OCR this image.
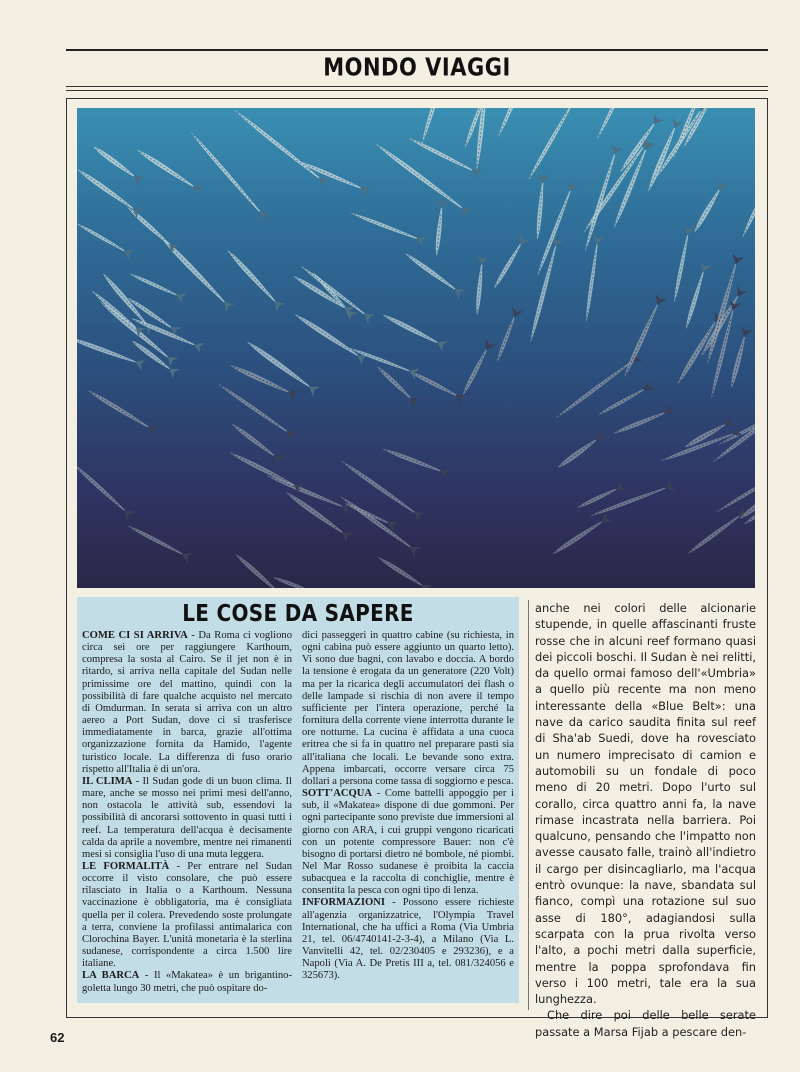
MONDO VIAGGI
LE COSE DA SAPERE

COME CI SI ARRIVA - Da Roma ci vogliono circa sei ore per raggiungere Karthoum, compresa la sosta al Cairo. Se il jet non è in ritardo, si arriva nella capitale del Sudan nelle primissime ore del mattino, quindi con la possibilità di fare qualche acquisto nel mercato di Omdurman. In serata si arriva con un altro aereo a Port Sudan, dove ci si trasferisce immediatamente in barca, grazie all'ottima organizzazione fornita da Hamido, l'agente turistico locale. La differenza di fuso orario rispetto all'Italia è di un'ora.

IL CLIMA - Il Sudan gode di un buon clima. Il mare, anche se mosso nei primi mesi dell'anno, non ostacola le attività sub, essendovi la possibilità di ancorarsi sottovento in quasi tutti i reef. La temperatura dell'acqua è decisamente calda da aprile a novembre, mentre nei rimanenti mesi si consiglia l'uso di una muta leggera.

LE FORMALITÀ - Per entrare nel Sudan occorre il visto consolare, che può essere rilasciato in Italia o a Karthoum. Nessuna vaccinazione è obbligatoria, ma è consigliata quella per il colera. Prevedendo soste prolungate a terra, conviene la profilassi antimalarica con Clorochina Bayer. L'unità monetaria è la sterlina sudanese, corrispondente a circa 1.500 lire italiane.

LA BARCA - Il «Makatea» è un brigantino-goletta lungo 30 metri, che può ospitare do-

dici passeggeri in quattro cabine (su richiesta, in ogni cabina può essere aggiunto un quarto letto). Vi sono due bagni, con lavabo e doccia. A bordo la tensione è erogata da un generatore (220 Volt) ma per la ricarica degli accumulatori dei flash o delle lampade si rischia di non avere il tempo sufficiente per l'intera operazione, perché la fornitura della corrente viene interrotta durante le ore notturne. La cucina è affidata a una cuoca eritrea che si fa in quattro nel preparare pasti sia all'italiana che locali. Le bevande sono extra. Appena imbarcati, occorre versare circa 75 dollari a persona come tassa di soggiorno e pesca.

SOTT'ACQUA - Come battelli appoggio per i sub, il «Makatea» dispone di due gommoni. Per ogni partecipante sono previste due immersioni al giorno con ARA, i cui gruppi vengono ricaricati con un potente compressore Bauer: non c'è bisogno di portarsi dietro né bombole, né piombi. Nel Mar Rosso sudanese è proibita la caccia subacquea e la raccolta di conchiglie, mentre è consentita la pesca con ogni tipo di lenza.

INFORMAZIONI - Possono essere richieste all'agenzia organizzatrice, l'Olympia Travel International, che ha uffici a Roma (Via Umbria 21, tel. 06/4740141-2-3-4), a Milano (Via L. Vanvitelli 42, tel. 02/230405 e 293236), e a Napoli (Via A. De Pretis III a, tel. 081/324056 e 325673).

anche nei colori delle alcionarie stupende, in quelle affascinanti fruste rosse che in alcuni reef formano quasi dei piccoli boschi. Il Sudan è nei relitti, da quello ormai famoso dell'«Umbria» a quello più recente ma non meno interessante della «Blue Belt»: una nave da carico saudita finita sul reef di Sha'ab Suedi, dove ha rovesciato un numero imprecisato di camion e automobili su un fondale di poco meno di 20 metri. Dopo l'urto sul corallo, circa quattro anni fa, la nave rimase incastrata nella barriera. Poi qualcuno, pensando che l'impatto non avesse causato falle, trainò all'indietro il cargo per disincagliarlo, ma l'acqua entrò ovunque: la nave, sbandata sul fianco, compì una rotazione sul suo asse di 180°, adagiandosi sulla scarpata con la prua rivolta verso l'alto, a pochi metri dalla superficie, mentre la poppa sprofondava fin verso i 100 metri, tale era la sua lunghezza.

Che dire poi delle belle serate passate a Marsa Fijab a pescare den-

62
